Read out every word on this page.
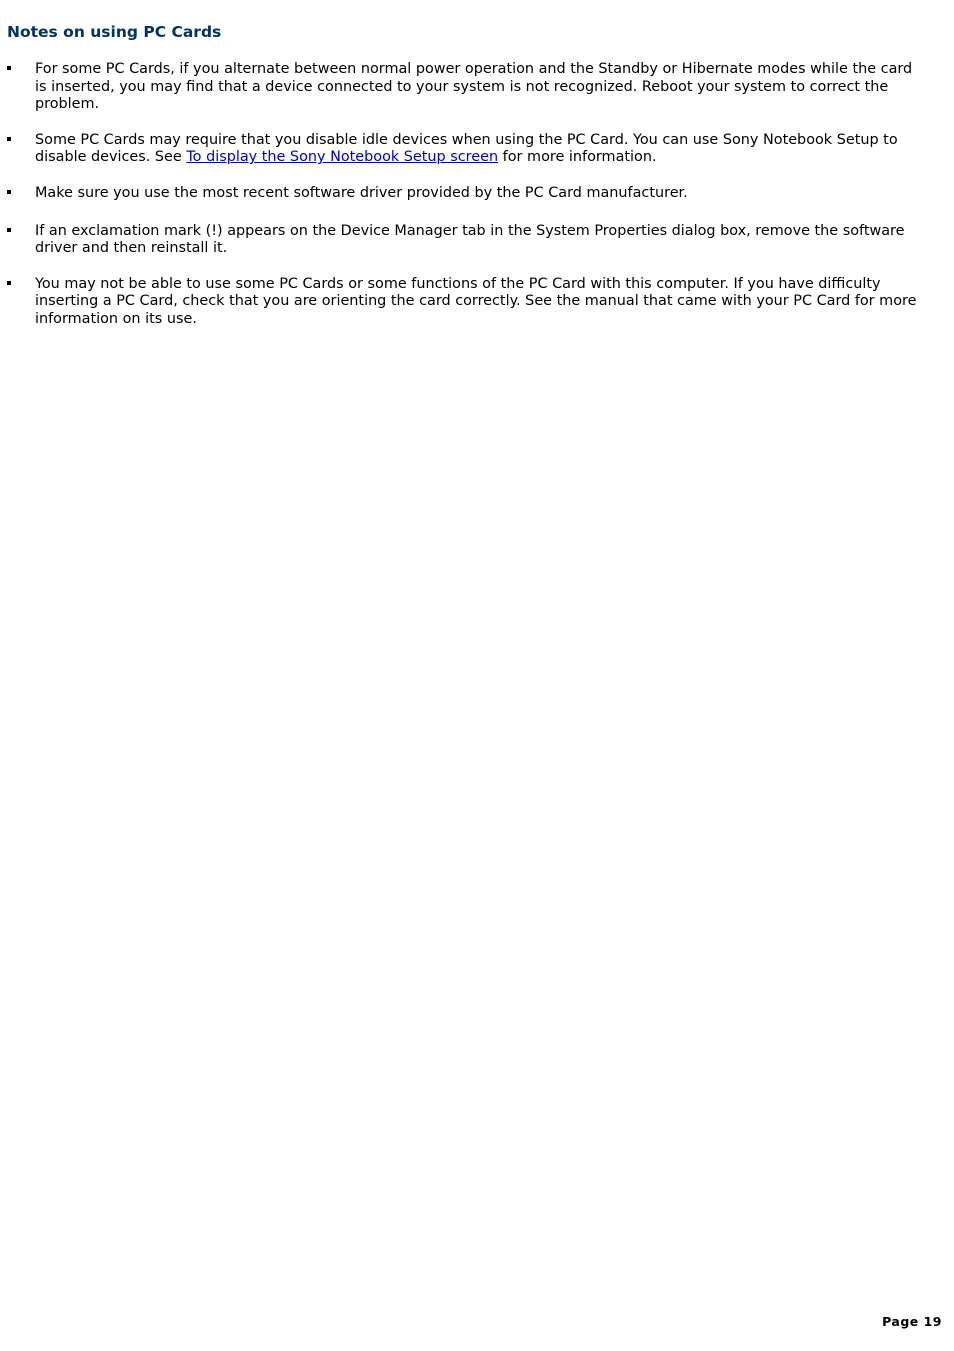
Notes on using PC Cards
For some PC Cards, if you alternate between normal power operation and the Standby or Hibernate modes while the card is inserted, you may find that a device connected to your system is not recognized. Reboot your system to correct the problem.
Some PC Cards may require that you disable idle devices when using the PC Card. You can use Sony Notebook Setup to disable devices. See To display the Sony Notebook Setup screen for more information.
Make sure you use the most recent software driver provided by the PC Card manufacturer.
If an exclamation mark (!) appears on the Device Manager tab in the System Properties dialog box, remove the software driver and then reinstall it.
You may not be able to use some PC Cards or some functions of the PC Card with this computer. If you have difficulty inserting a PC Card, check that you are orienting the card correctly. See the manual that came with your PC Card for more information on its use.
Page 19
